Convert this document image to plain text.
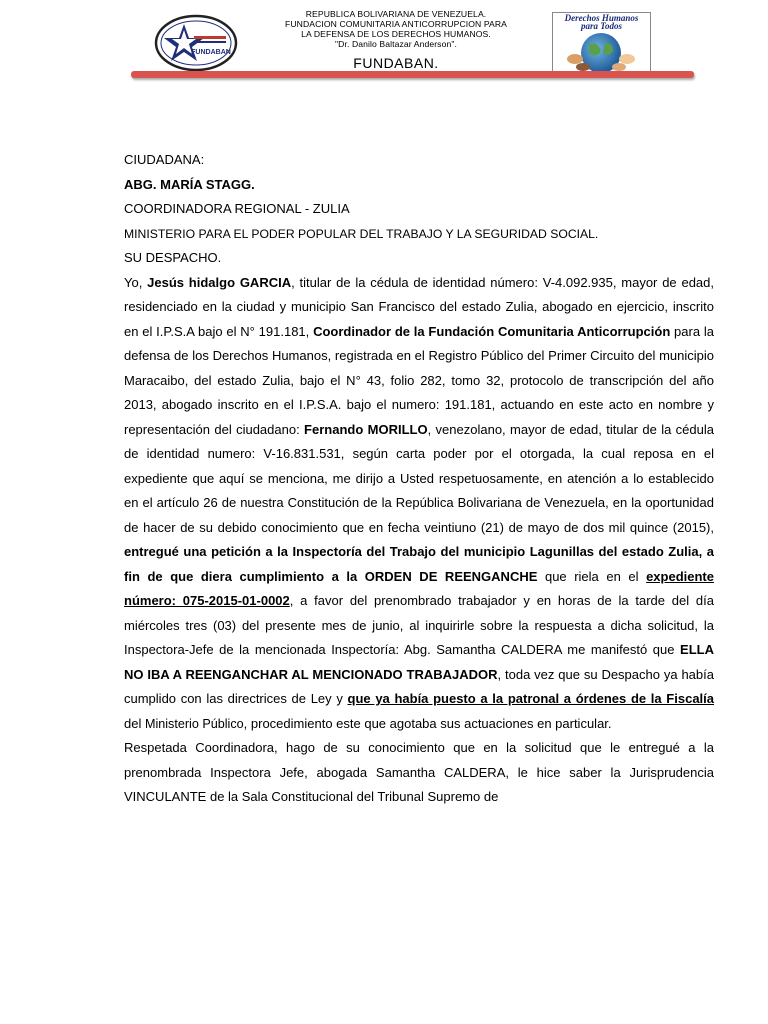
FUNDABAN

REPUBLICA BOLIVARIANA DE VENEZUELA.

FUNDACION COMUNITARIA ANTICORRUPCION PARA

LA DEFENSA DE LOS DERECHOS HUMANOS.

"Dr. Danilo Baltazar Anderson".

FUNDABAN.
Derechos Humanos
para Todos

CIUDADANA:

ABG. MARÍA STAGG.

COORDINADORA REGIONAL - ZULIA

MINISTERIO PARA EL PODER POPULAR DEL TRABAJO Y LA SEGURIDAD SOCIAL.

SU DESPACHO.

Yo, Jesús hidalgo GARCIA, titular de la cédula de identidad número: V-4.092.935, mayor de edad, residenciado en la ciudad y municipio San Francisco del estado Zulia, abogado en ejercicio, inscrito en el I.P.S.A bajo el N° 191.181, Coordinador de la Fundación Comunitaria Anticorrupción para la defensa de los Derechos Humanos, registrada en el Registro Público del Primer Circuito del municipio Maracaibo, del estado Zulia, bajo el N° 43, folio 282, tomo 32, protocolo de transcripción del año 2013, abogado inscrito en el I.P.S.A. bajo el numero: 191.181, actuando en este acto en nombre y representación del ciudadano: Fernando MORILLO, venezolano, mayor de edad, titular de la cédula de identidad numero: V-16.831.531, según carta poder por el otorgada, la cual reposa en el expediente que aquí se menciona, me dirijo a Usted respetuosamente, en atención a lo establecido en el artículo 26 de nuestra Constitución de la República Bolivariana de Venezuela, en la oportunidad de hacer de su debido conocimiento que en fecha veintiuno (21) de mayo de dos mil quince (2015), entregué una petición a la Inspectoría del Trabajo del municipio Lagunillas del estado Zulia, a fin de que diera cumplimiento a la ORDEN DE REENGANCHE que riela en el expediente número: 075-2015-01-0002, a favor del prenombrado trabajador y en horas de la tarde del día miércoles tres (03) del presente mes de junio, al inquirirle sobre la respuesta a dicha solicitud, la Inspectora-Jefe de la mencionada Inspectoría: Abg. Samantha CALDERA me manifestó que ELLA NO IBA A REENGANCHAR AL MENCIONADO TRABAJADOR, toda vez que su Despacho ya había cumplido con las directrices de Ley y que ya había puesto a la patronal a órdenes de la Fiscalía del Ministerio Público, procedimiento este que agotaba sus actuaciones en particular.

Respetada Coordinadora, hago de su conocimiento que en la solicitud que le entregué a la prenombrada Inspectora Jefe, abogada Samantha CALDERA, le hice saber la Jurisprudencia VINCULANTE de la Sala Constitucional del Tribunal Supremo de
